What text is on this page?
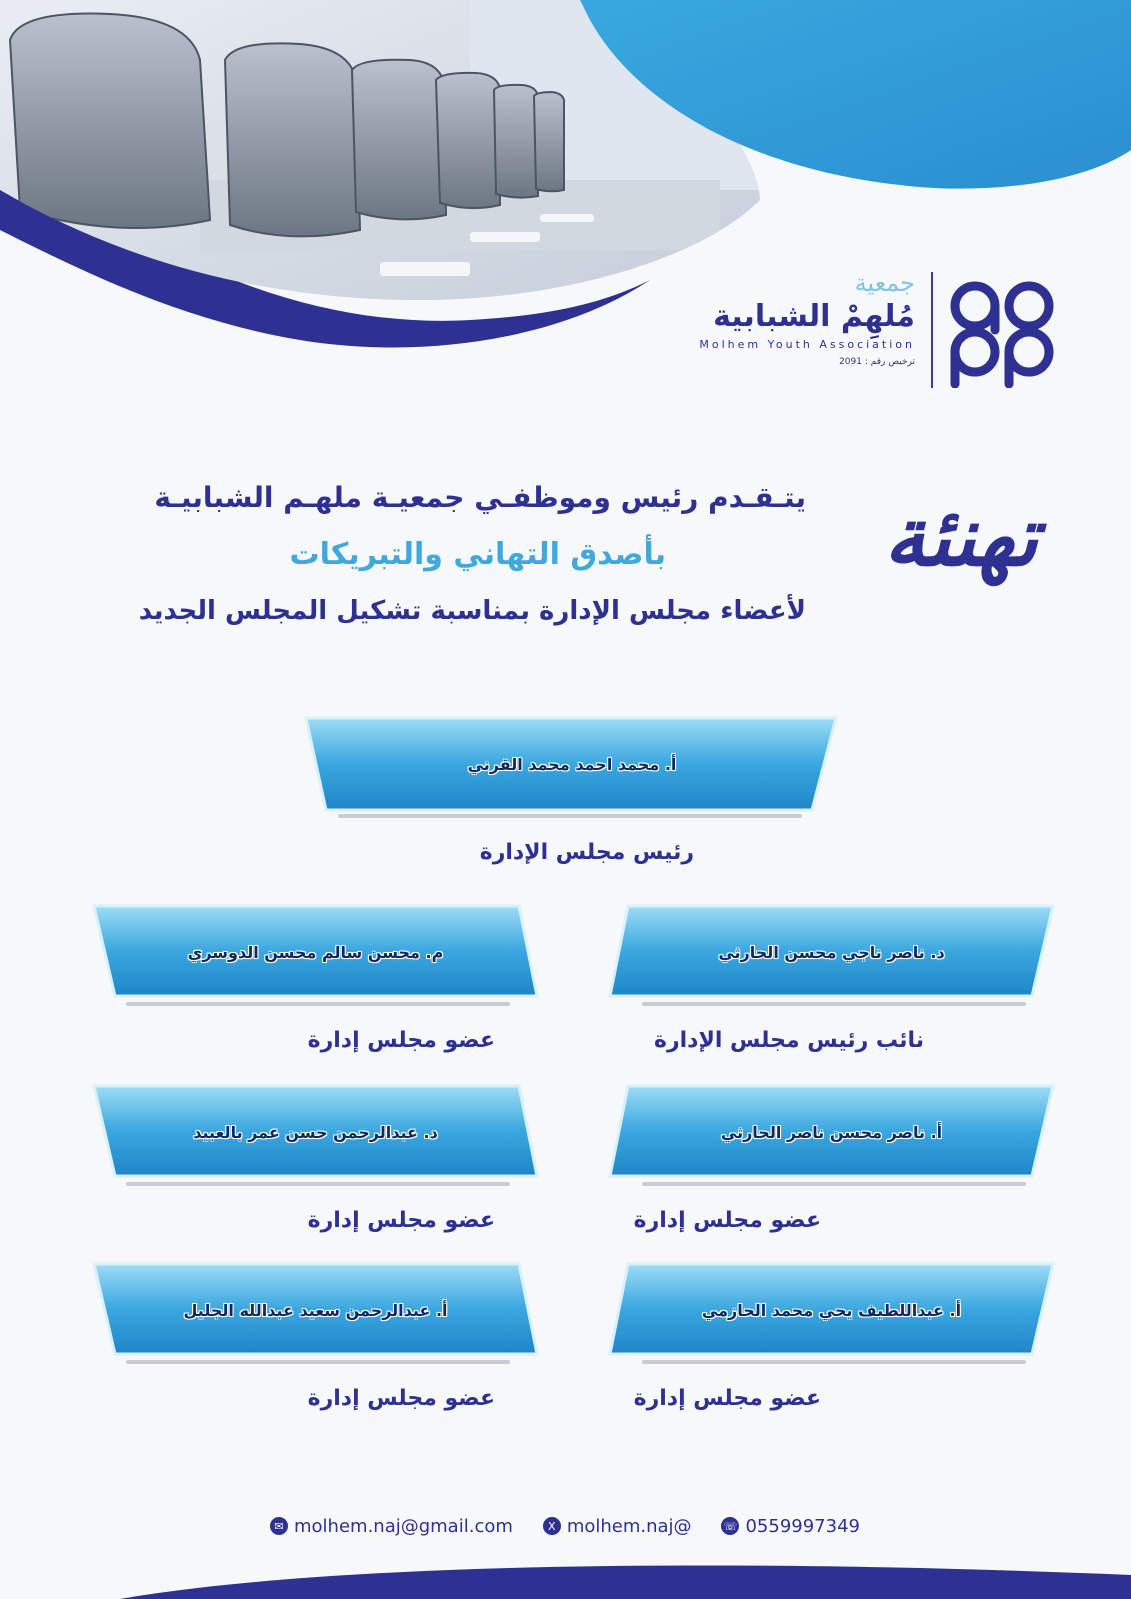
جمعية
مُلهِمْ الشبابية
Molhem Youth Association
ترخيص رقم : 2091
تهنئة
يتـقـدم رئيس وموظفـي جمعيـة ملهـم الشبابيـة
بأصدق التهاني والتبريكات
لأعضاء مجلس الإدارة بمناسبة تشكيل المجلس الجديد
أ. محمد احمد محمد القرني
رئيس مجلس الإدارة
د. ناصر ناجي محسن الحارثي
نائب رئيس مجلس الإدارة
أ. ناصر محسن ناصر الحارثي
عضو مجلس إدارة
أ. عبداللطيف يحي محمد الحازمي
عضو مجلس إدارة
م. محسن سالم محسن الدوسري
عضو مجلس إدارة
د. عبدالرحمن حسن عمر بالعبيد
عضو مجلس إدارة
أ. عبدالرحمن سعيد عبدالله الجليل
عضو مجلس إدارة
✉ molhem.naj@gmail.com	X molhem.naj@	☏ 0559997349
